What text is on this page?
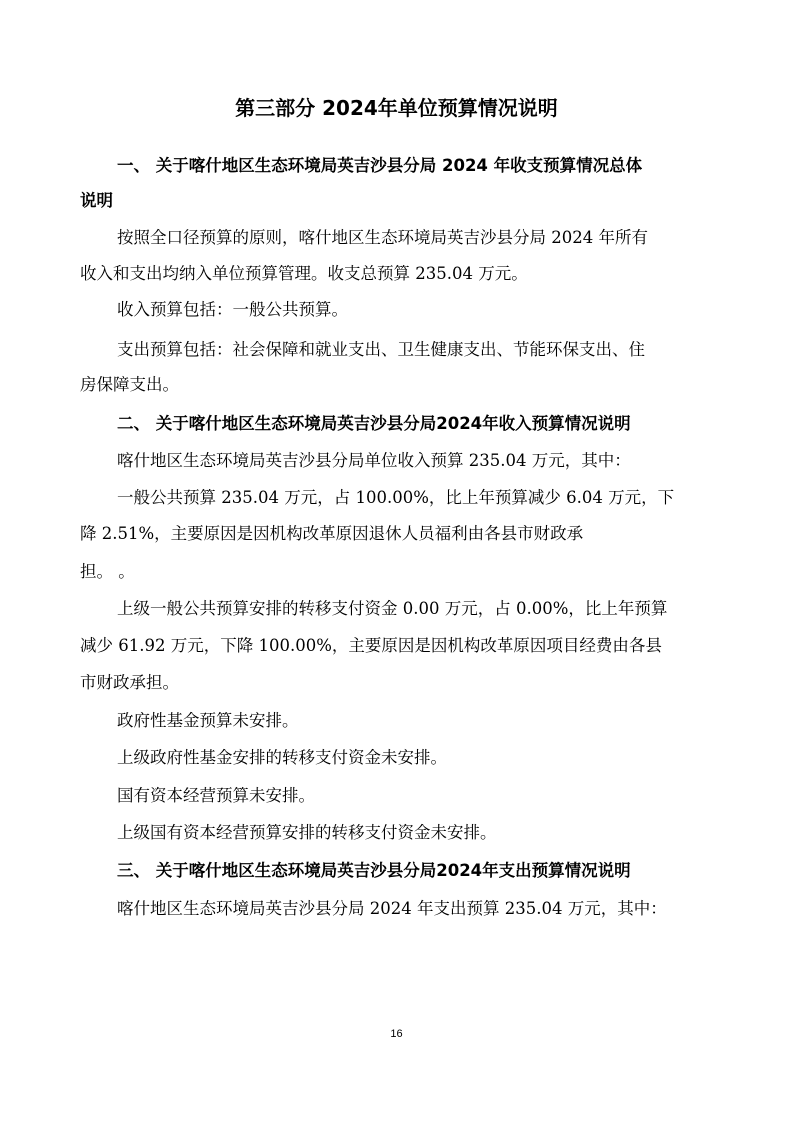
第三部分 2024年单位预算情况说明
一、 关于喀什地区生态环境局英吉沙县分局 2024 年收支预算情况总体
说明
按照全口径预算的原则，喀什地区生态环境局英吉沙县分局 2024 年所有
收入和支出均纳入单位预算管理。收支总预算 235.04 万元。
收入预算包括：一般公共预算。
支出预算包括：社会保障和就业支出、卫生健康支出、节能环保支出、住
房保障支出。
二、 关于喀什地区生态环境局英吉沙县分局2024年收入预算情况说明
喀什地区生态环境局英吉沙县分局单位收入预算 235.04 万元，其中：
一般公共预算 235.04 万元，占 100.00%，比上年预算减少 6.04 万元，下
降 2.51%，主要原因是因机构改革原因退休人员福利由各县市财政承
担。 。
上级一般公共预算安排的转移支付资金 0.00 万元，占 0.00%，比上年预算
减少 61.92 万元，下降 100.00%，主要原因是因机构改革原因项目经费由各县
市财政承担。
政府性基金预算未安排。
上级政府性基金安排的转移支付资金未安排。
国有资本经营预算未安排。
上级国有资本经营预算安排的转移支付资金未安排。
三、 关于喀什地区生态环境局英吉沙县分局2024年支出预算情况说明
喀什地区生态环境局英吉沙县分局 2024 年支出预算 235.04 万元，其中：
16
